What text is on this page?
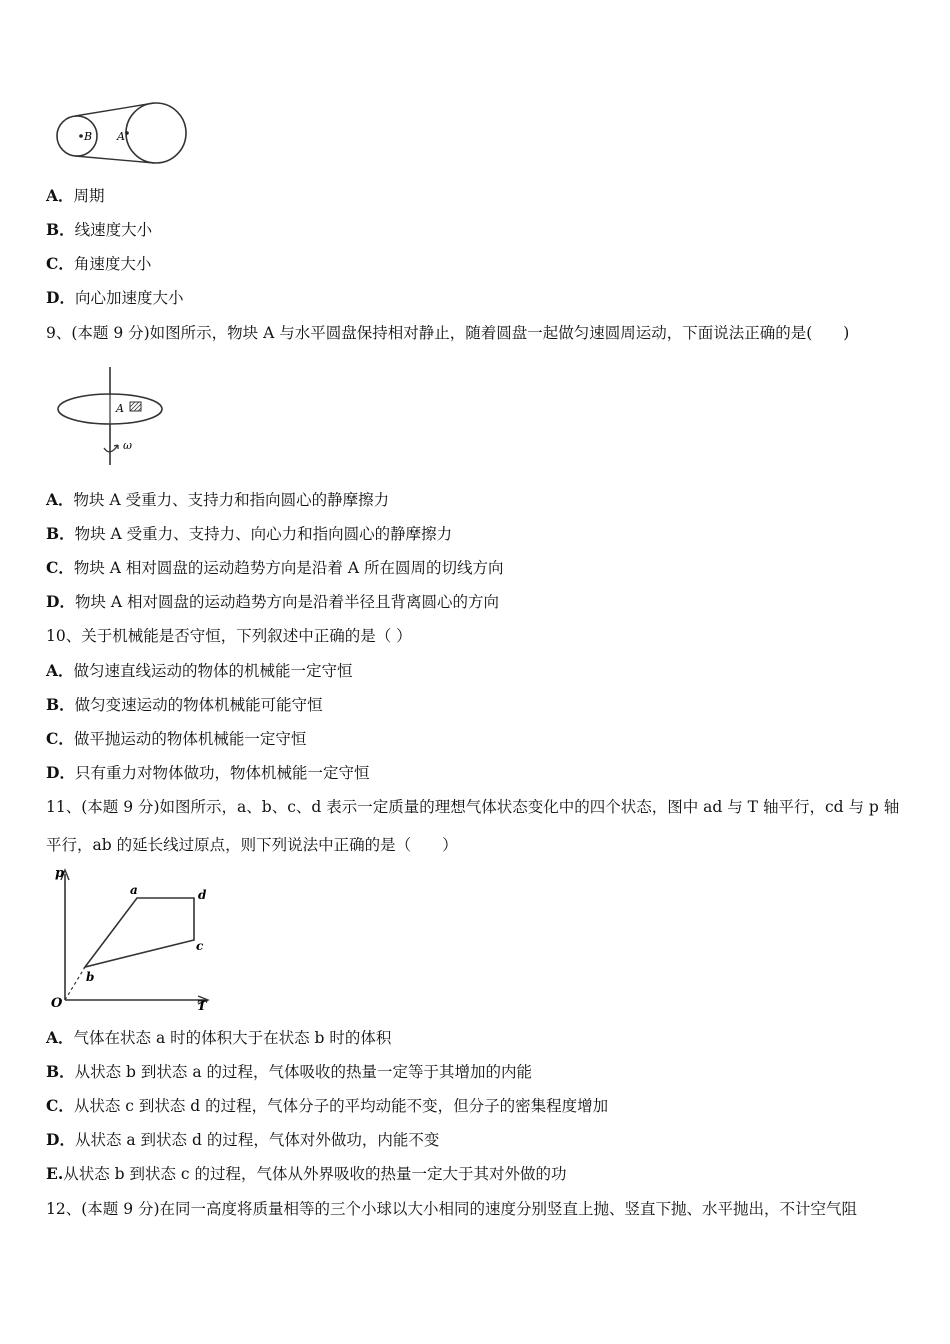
B A
A．周期
B．线速度大小
C．角速度大小
D．向心加速度大小
9、(本题 9 分)如图所示，物块 A 与水平圆盘保持相对静止，随着圆盘一起做匀速圆周运动，下面说法正确的是(　　)
A
ω
A．物块 A 受重力、支持力和指向圆心的静摩擦力
B．物块 A 受重力、支持力、向心力和指向圆心的静摩擦力
C．物块 A 相对圆盘的运动趋势方向是沿着 A 所在圆周的切线方向
D．物块 A 相对圆盘的运动趋势方向是沿着半径且背离圆心的方向
10、关于机械能是否守恒，下列叙述中正确的是（ ）
A．做匀速直线运动的物体的机械能一定守恒
B．做匀变速运动的物体机械能可能守恒
C．做平抛运动的物体机械能一定守恒
D．只有重力对物体做功，物体机械能一定守恒
11、(本题 9 分)如图所示，a、b、c、d 表示一定质量的理想气体状态变化中的四个状态，图中 ad 与 T 轴平行，cd 与 p 轴
平行，ab 的延长线过原点，则下列说法中正确的是（　　）
p
T
O
a	d
c
b
A．气体在状态 a 时的体积大于在状态 b 时的体积
B．从状态 b 到状态 a 的过程，气体吸收的热量一定等于其增加的内能
C．从状态 c 到状态 d 的过程，气体分子的平均动能不变，但分子的密集程度增加
D．从状态 a 到状态 d 的过程，气体对外做功，内能不变
E.从状态 b 到状态 c 的过程，气体从外界吸收的热量一定大于其对外做的功
12、(本题 9 分)在同一高度将质量相等的三个小球以大小相同的速度分别竖直上抛、竖直下抛、水平抛出，不计空气阻
